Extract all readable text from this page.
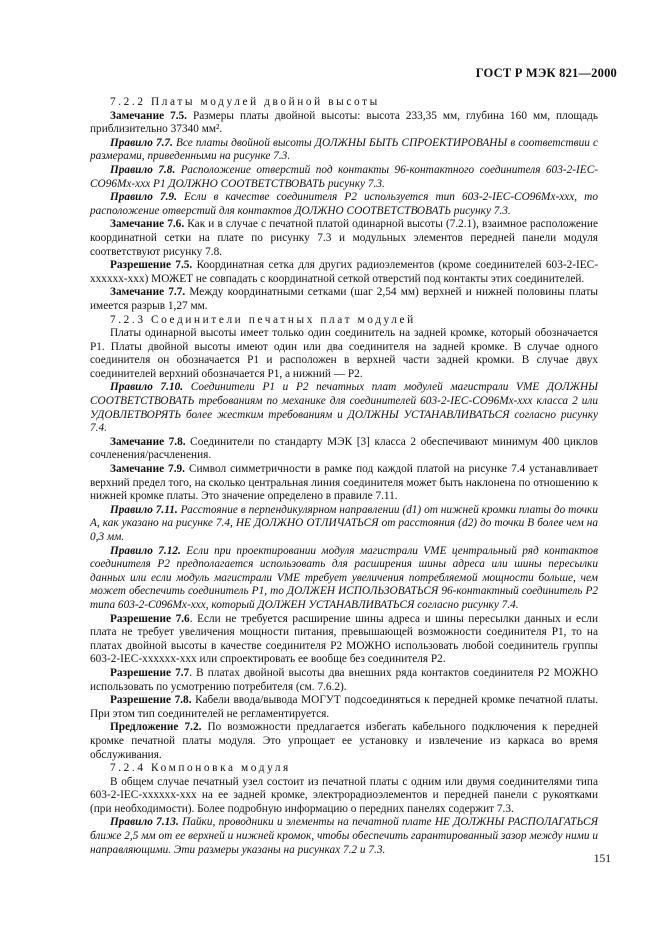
ГОСТ Р МЭК 821—2000

7.2.2 Платы модулей двойной высоты

Замечание 7.5. Размеры платы двойной высоты: высота 233,35 мм, глубина 160 мм, площадь приблизительно 37340 мм².

Правило 7.7. Все платы двойной высоты ДОЛЖНЫ БЫТЬ СПРОЕКТИРОВАНЫ в соответствии с размерами, приведенными на рисунке 7.3.

Правило 7.8. Расположение отверстий под контакты 96-контактного соединителя 603-2-IEC-CO96Mx-xxx P1 ДОЛЖНО СООТВЕТСТВОВАТЬ рисунку 7.3.

Правило 7.9. Если в качестве соединителя P2 используется тип 603-2-IEC-CO96Mx-xxx, то расположение отверстий для контактов ДОЛЖНО СООТВЕТСТВОВАТЬ рисунку 7.3.

Замечание 7.6. Как и в случае с печатной платой одинарной высоты (7.2.1), взаимное расположение координатной сетки на плате по рисунку 7.3 и модульных элементов передней панели модуля соответствуют рисунку 7.8.

Разрешение 7.5. Координатная сетка для других радиоэлементов (кроме соединителей 603-2-IEC-xxxxxx-xxx) МОЖЕТ не совпадать с координатной сеткой отверстий под контакты этих соединителей.

Замечание 7.7. Между координатными сетками (шаг 2,54 мм) верхней и нижней половины платы имеется разрыв 1,27 мм.

7.2.3 Соединители печатных плат модулей

Платы одинарной высоты имеет только один соединитель на задней кромке, который обозначается P1. Платы двойной высоты имеют один или два соединителя на задней кромке. В случае одного соединителя он обозначается P1 и расположен в верхней части задней кромки. В случае двух соединителей верхний обозначается P1, а нижний — P2.

Правило 7.10. Соединители P1 и P2 печатных плат модулей магистрали VME ДОЛЖНЫ СООТВЕТСТВОВАТЬ требованиям по механике для соединителей 603-2-IEC-CO96Mx-xxx класса 2 или УДОВЛЕТВОРЯТЬ более жестким требованиям и ДОЛЖНЫ УСТАНАВЛИВАТЬСЯ согласно рисунку 7.4.

Замечание 7.8. Соединители по стандарту МЭК [3] класса 2 обеспечивают минимум 400 циклов сочленения/расчленения.

Замечание 7.9. Символ симметричности в рамке под каждой платой на рисунке 7.4 устанавливает верхний предел того, на сколько центральная линия соединителя может быть наклонена по отношению к нижней кромке платы. Это значение определено в правиле 7.11.

Правило 7.11. Расстояние в перпендикулярном направлении (d1) от нижней кромки платы до точки A, как указано на рисунке 7.4, НЕ ДОЛЖНО ОТЛИЧАТЬСЯ от расстояния (d2) до точки B более чем на 0,3 мм.

Правило 7.12. Если при проектировании модуля магистрали VME центральный ряд контактов соединителя P2 предполагается использовать для расширения шины адреса или шины пересылки данных или если модуль магистрали VME требует увеличения потребляемой мощности больше, чем может обеспечить соединитель P1, то ДОЛЖЕН ИСПОЛЬЗОВАТЬСЯ 96-контактный соединитель P2 типа 603-2-C096Mx-xxx, который ДОЛЖЕН УСТАНАВЛИВАТЬСЯ согласно рисунку 7.4.

Разрешение 7.6. Если не требуется расширение шины адреса и шины пересылки данных и если плата не требует увеличения мощности питания, превышающей возможности соединителя P1, то на платах двойной высоты в качестве соединителя P2 МОЖНО использовать любой соединитель группы 603-2-IEC-xxxxxx-xxx или спроектировать ее вообще без соединителя P2.

Разрешение 7.7. В платах двойной высоты два внешних ряда контактов соединителя P2 МОЖНО использовать по усмотрению потребителя (см. 7.6.2).

Разрешение 7.8. Кабели ввода/вывода МОГУТ подсоединяться к передней кромке печатной платы. При этом тип соединителей не регламентируется.

Предложение 7.2. По возможности предлагается избегать кабельного подключения к передней кромке печатной платы модуля. Это упрощает ее установку и извлечение из каркаса во время обслуживания.

7.2.4 Компоновка модуля

В общем случае печатный узел состоит из печатной платы с одним или двумя соединителями типа 603-2-IEC-xxxxxx-xxx на ее задней кромке, электрорадиоэлементов и передней панели с рукоятками (при необходимости). Более подробную информацию о передних панелях содержит 7.3.

Правило 7.13. Пайки, проводники и элементы на печатной плате НЕ ДОЛЖНЫ РАСПОЛАГАТЬСЯ ближе 2,5 мм от ее верхней и нижней кромок, чтобы обеспечить гарантированный зазор между ними и направляющими. Эти размеры указаны на рисунках 7.2 и 7.3.

151
